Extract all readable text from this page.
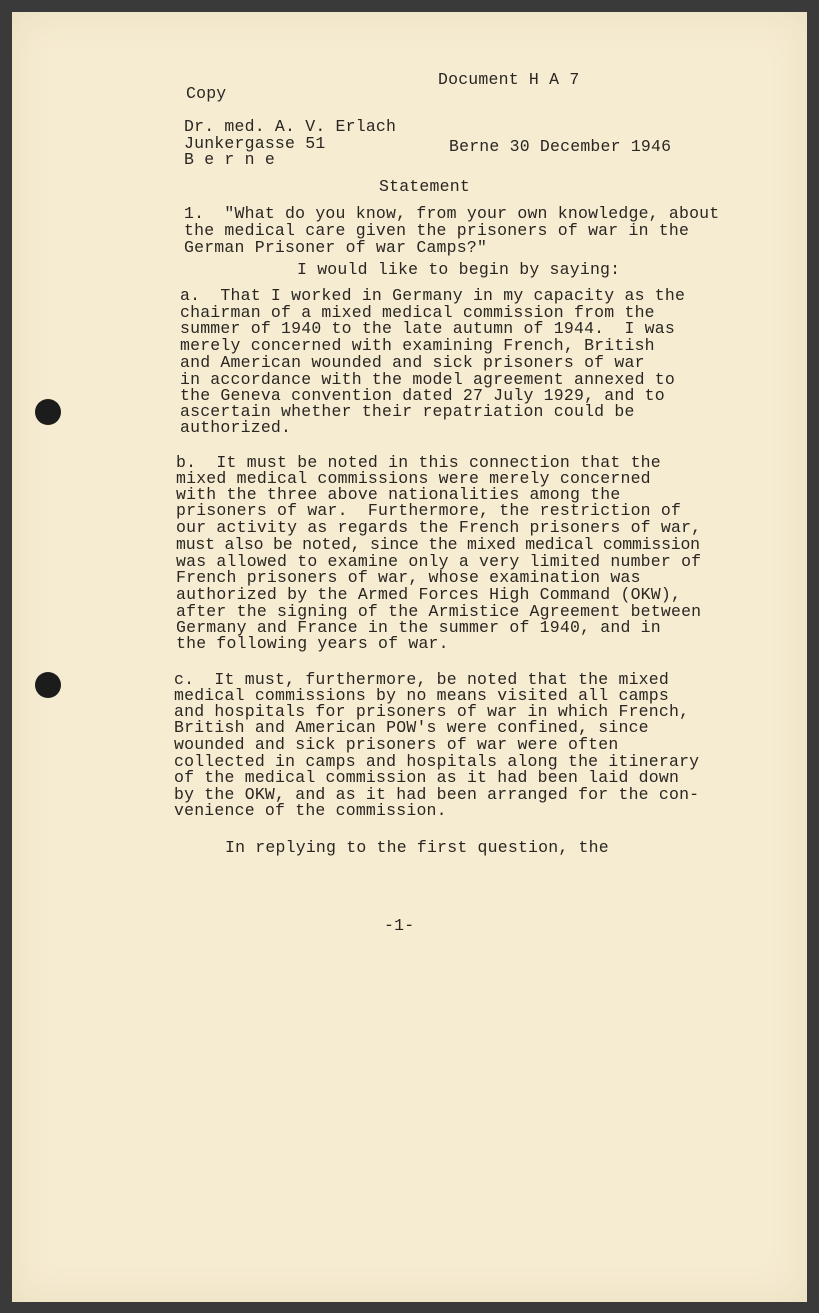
Document H A 7
Copy
Dr. med. A. V. Erlach
Junkergasse 51	Berne 30 December 1946
B e r n e
Statement
1.  "What do you know, from your own knowledge, about
the medical care given the prisoners of war in the
German Prisoner of war Camps?"
I would like to begin by saying:
a.  That I worked in Germany in my capacity as the
chairman of a mixed medical commission from the
summer of 1940 to the late autumn of 1944.  I was
merely concerned with examining French, British
and American wounded and sick prisoners of war
in accordance with the model agreement annexed to
the Geneva convention dated 27 July 1929, and to
ascertain whether their repatriation could be
authorized.
b.  It must be noted in this connection that the
mixed medical commissions were merely concerned
with the three above nationalities among the
prisoners of war.  Furthermore, the restriction of
our activity as regards the French prisoners of war,
must also be noted, since the mixed medical commission
was allowed to examine only a very limited number of
French prisoners of war, whose examination was
authorized by the Armed Forces High Command (OKW),
after the signing of the Armistice Agreement between
Germany and France in the summer of 1940, and in
the following years of war.
c.  It must, furthermore, be noted that the mixed
medical commissions by no means visited all camps
and hospitals for prisoners of war in which French,
British and American POW's were confined, since
wounded and sick prisoners of war were often
collected in camps and hospitals along the itinerary
of the medical commission as it had been laid down
by the OKW, and as it had been arranged for the con-
venience of the commission.
In replying to the first question, the
-1-
